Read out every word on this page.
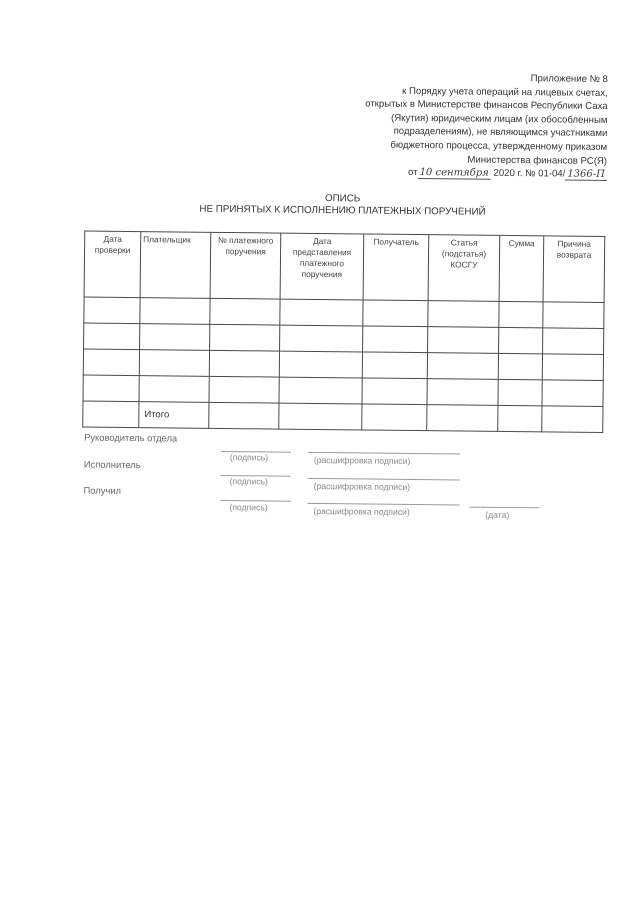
Приложение № 8
к Порядку учета операций на лицевых счетах,
открытых в Министерстве финансов Республики Саха
(Якутия) юридическим лицам (их обособленным
подразделениям), не являющимся участниками
бюджетного процесса, утвержденному приказом
Министерства финансов РС(Я)
от 10 сентября 2020 г. № 01-04/ 1366-П
ОПИСЬ
НЕ ПРИНЯТЫХ К ИСПОЛНЕНИЮ ПЛАТЕЖНЫХ ПОРУЧЕНИЙ
Дата проверки	Плательщик	№ платежного поручения	Дата представления платежного поручения	Получатель	Статья (подстатья) КОСГУ	Сумма	Причина возврата

	Итого						
Руководитель отдела
(подпись)	(расшифровка подписи)
Исполнитель
(подпись)	(расшифровка подписи)
Получил
(подпись)	(расшифровка подписи)	(дата)
